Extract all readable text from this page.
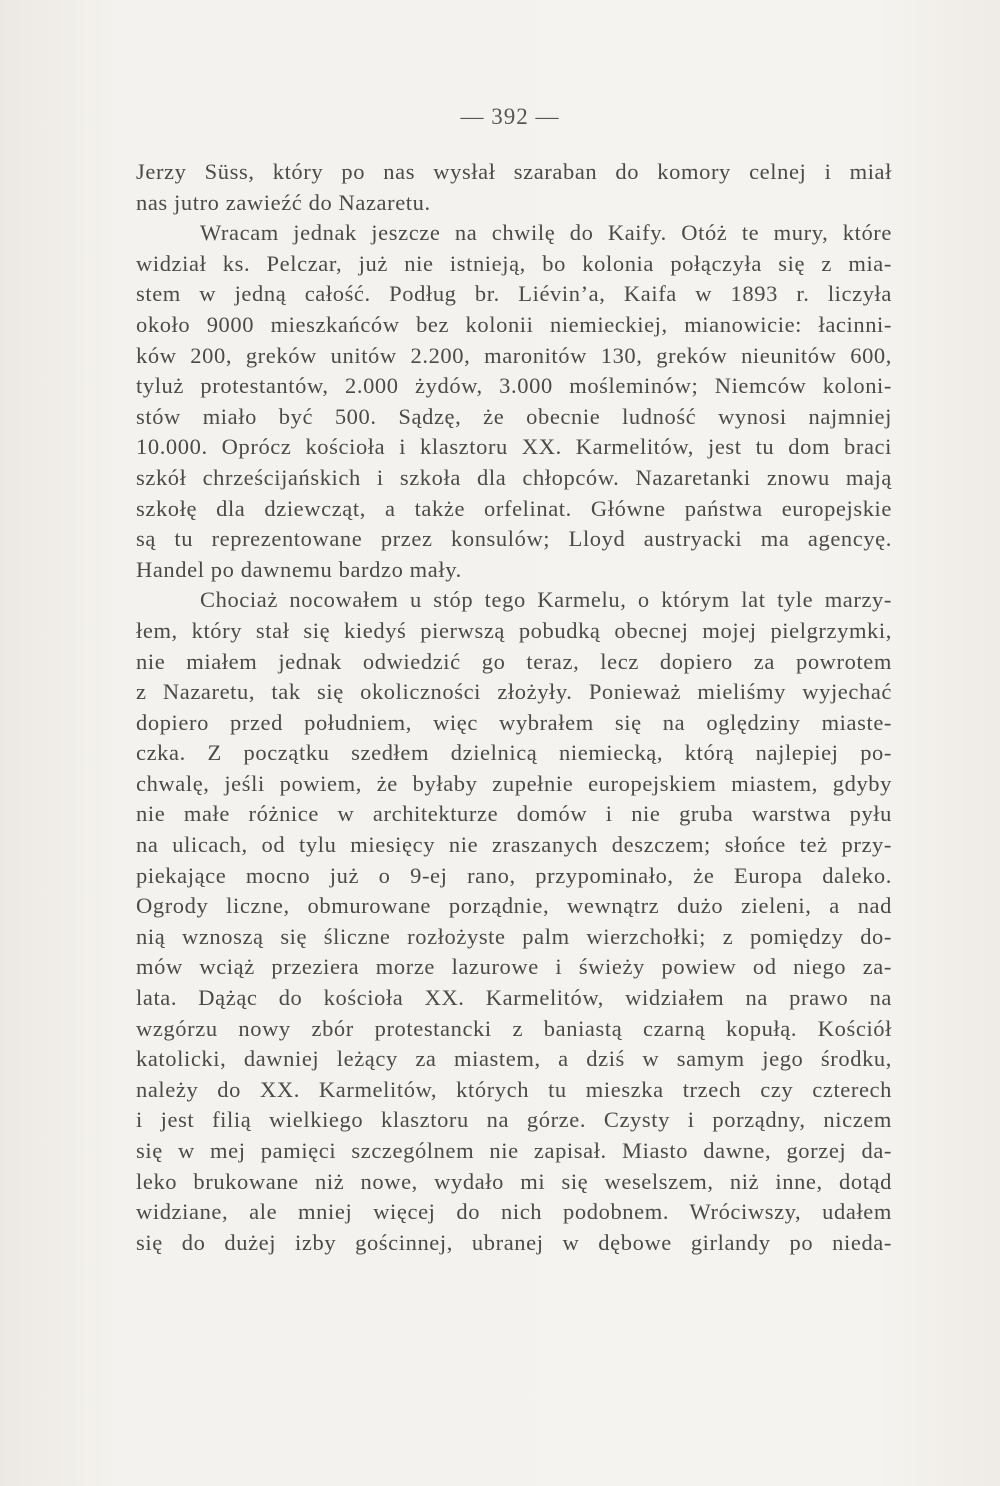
— 392 —
Jerzy Süss, który po nas wysłał szaraban do komory celnej i miał
nas jutro zawieźć do Nazaretu.
Wracam jednak jeszcze na chwilę do Kaify. Otóż te mury, które
widział ks. Pelczar, już nie istnieją, bo kolonia połączyła się z mia-
stem w jedną całość. Podług br. Liévin’a, Kaifa w 1893 r. liczyła
około 9000 mieszkańców bez kolonii niemieckiej, mianowicie: łacinni-
ków 200, greków unitów 2.200, maronitów 130, greków nieunitów 600,
tyluż protestantów, 2.000 żydów, 3.000 mośleminów; Niemców koloni-
stów miało być 500. Sądzę, że obecnie ludność wynosi najmniej
10.000. Oprócz kościoła i klasztoru XX. Karmelitów, jest tu dom braci
szkół chrześcijańskich i szkoła dla chłopców. Nazaretanki znowu mają
szkołę dla dziewcząt, a także orfelinat. Główne państwa europejskie
są tu reprezentowane przez konsulów; Lloyd austryacki ma agencyę.
Handel po dawnemu bardzo mały.
Chociaż nocowałem u stóp tego Karmelu, o którym lat tyle marzy-
łem, który stał się kiedyś pierwszą pobudką obecnej mojej pielgrzymki,
nie miałem jednak odwiedzić go teraz, lecz dopiero za powrotem
z Nazaretu, tak się okoliczności złożyły. Ponieważ mieliśmy wyjechać
dopiero przed południem, więc wybrałem się na oględziny miaste-
czka. Z początku szedłem dzielnicą niemiecką, którą najlepiej po-
chwalę, jeśli powiem, że byłaby zupełnie europejskiem miastem, gdyby
nie małe różnice w architekturze domów i nie gruba warstwa pyłu
na ulicach, od tylu miesięcy nie zraszanych deszczem; słońce też przy-
piekające mocno już o 9-ej rano, przypominało, że Europa daleko.
Ogrody liczne, obmurowane porządnie, wewnątrz dużo zieleni, a nad
nią wznoszą się śliczne rozłożyste palm wierzchołki; z pomiędzy do-
mów wciąż przeziera morze lazurowe i świeży powiew od niego za-
lata. Dążąc do kościoła XX. Karmelitów, widziałem na prawo na
wzgórzu nowy zbór protestancki z baniastą czarną kopułą. Kościół
katolicki, dawniej leżący za miastem, a dziś w samym jego środku,
należy do XX. Karmelitów, których tu mieszka trzech czy czterech
i jest filią wielkiego klasztoru na górze. Czysty i porządny, niczem
się w mej pamięci szczególnem nie zapisał. Miasto dawne, gorzej da-
leko brukowane niż nowe, wydało mi się weselszem, niż inne, dotąd
widziane, ale mniej więcej do nich podobnem. Wróciwszy, udałem
się do dużej izby gościnnej, ubranej w dębowe girlandy po nieda-
